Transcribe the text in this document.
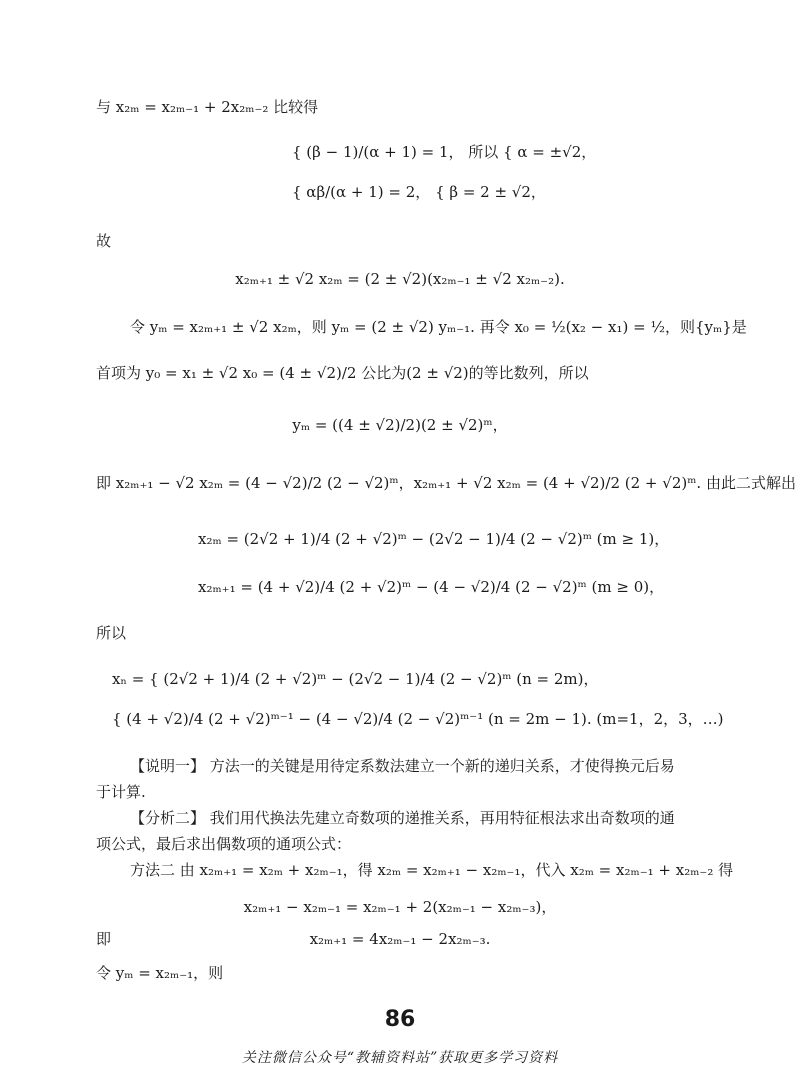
与 x₂ₘ = x₂ₘ₋₁ + 2x₂ₘ₋₂ 比较得
{ (β − 1)/(α + 1) = 1， 所以 { α = ±√2，
{ αβ/(α + 1) = 2， { β = 2 ± √2，
故
x₂ₘ₊₁ ± √2 x₂ₘ = (2 ± √2)(x₂ₘ₋₁ ± √2 x₂ₘ₋₂).
令 yₘ = x₂ₘ₊₁ ± √2 x₂ₘ，则 yₘ = (2 ± √2) yₘ₋₁. 再令 x₀ = ½(x₂ − x₁) = ½，则{yₘ}是
首项为 y₀ = x₁ ± √2 x₀ = (4 ± √2)/2 公比为(2 ± √2)的等比数列，所以
yₘ = ((4 ± √2)/2)(2 ± √2)ᵐ，
即 x₂ₘ₊₁ − √2 x₂ₘ = (4 − √2)/2 (2 − √2)ᵐ，x₂ₘ₊₁ + √2 x₂ₘ = (4 + √2)/2 (2 + √2)ᵐ. 由此二式解出
x₂ₘ = (2√2 + 1)/4 (2 + √2)ᵐ − (2√2 − 1)/4 (2 − √2)ᵐ (m ≥ 1)，
x₂ₘ₊₁ = (4 + √2)/4 (2 + √2)ᵐ − (4 − √2)/4 (2 − √2)ᵐ (m ≥ 0)，
所以
xₙ = { (2√2 + 1)/4 (2 + √2)ᵐ − (2√2 − 1)/4 (2 − √2)ᵐ (n = 2m)，
{ (4 + √2)/4 (2 + √2)ᵐ⁻¹ − (4 − √2)/4 (2 − √2)ᵐ⁻¹ (n = 2m − 1). (m=1，2，3，…)
【说明一】 方法一的关键是用待定系数法建立一个新的递归关系，才使得换元后易
于计算.
【分析二】 我们用代换法先建立奇数项的递推关系，再用特征根法求出奇数项的通
项公式，最后求出偶数项的通项公式：
方法二 由 x₂ₘ₊₁ = x₂ₘ + x₂ₘ₋₁，得 x₂ₘ = x₂ₘ₊₁ − x₂ₘ₋₁，代入 x₂ₘ = x₂ₘ₋₁ + x₂ₘ₋₂ 得
x₂ₘ₊₁ − x₂ₘ₋₁ = x₂ₘ₋₁ + 2(x₂ₘ₋₁ − x₂ₘ₋₃)，
即	x₂ₘ₊₁ = 4x₂ₘ₋₁ − 2x₂ₘ₋₃.
令 yₘ = x₂ₘ₋₁，则
86
关注微信公众号“教辅资料站”获取更多学习资料
